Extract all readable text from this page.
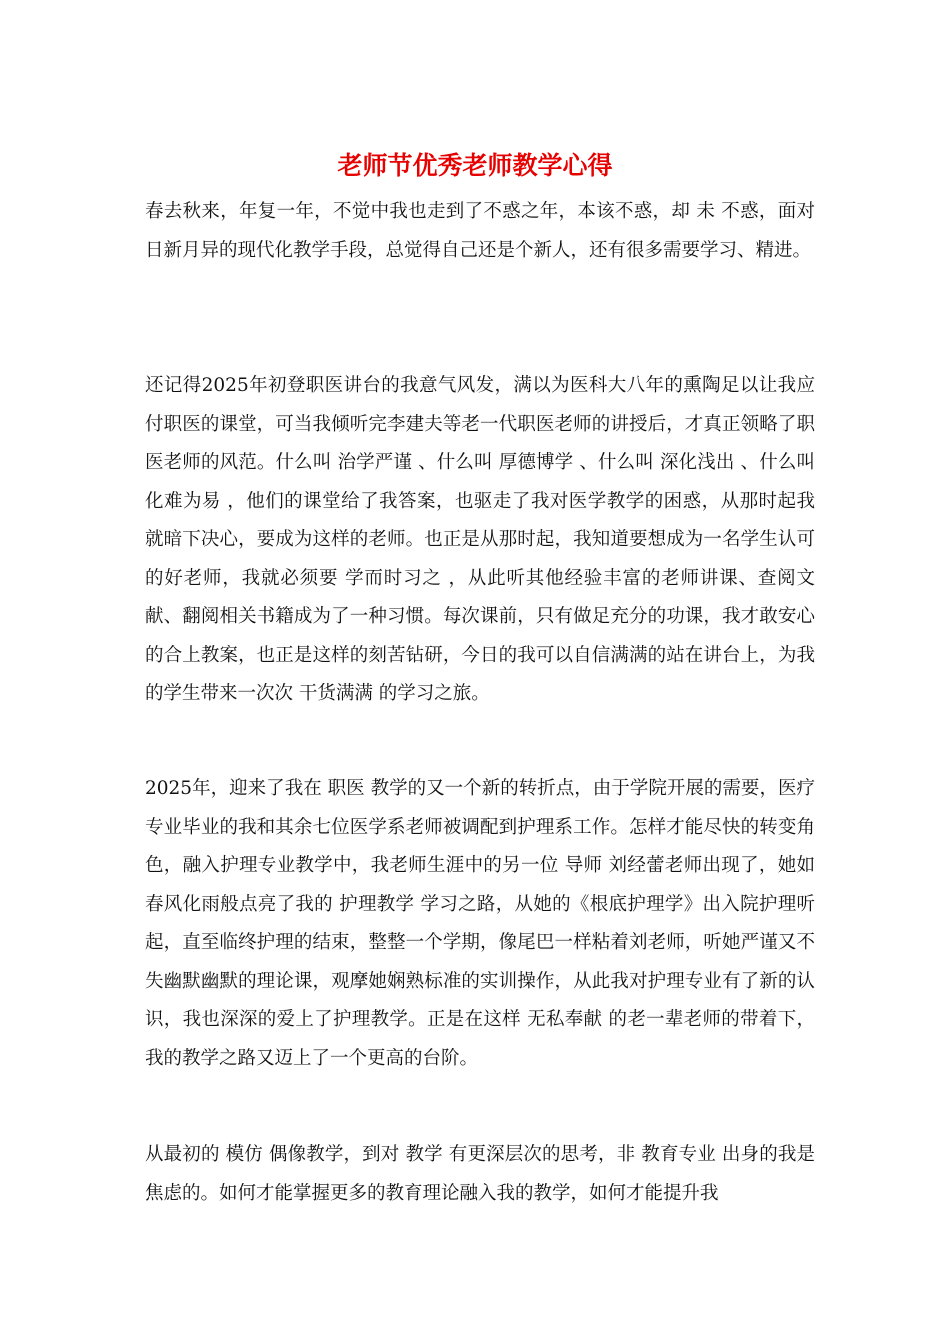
老师节优秀老师教学心得

春去秋来，年复一年，不觉中我也走到了不惑之年，本该不惑，却 未 不惑，面对日新月异的现代化教学手段，总觉得自己还是个新人，还有很多需要学习、精进。

还记得2025年初登职医讲台的我意气风发，满以为医科大八年的熏陶足以让我应付职医的课堂，可当我倾听完李建夫等老一代职医老师的讲授后，才真正领略了职医老师的风范。什么叫 治学严谨 、什么叫 厚德博学 、什么叫 深化浅出 、什么叫 化难为易 ，他们的课堂给了我答案，也驱走了我对医学教学的困惑，从那时起我就暗下决心，要成为这样的老师。也正是从那时起，我知道要想成为一名学生认可的好老师，我就必须要 学而时习之 ，从此听其他经验丰富的老师讲课、查阅文献、翻阅相关书籍成为了一种习惯。每次课前，只有做足充分的功课，我才敢安心的合上教案，也正是这样的刻苦钻研，今日的我可以自信满满的站在讲台上，为我的学生带来一次次 干货满满 的学习之旅。

2025年，迎来了我在 职医 教学的又一个新的转折点，由于学院开展的需要，医疗专业毕业的我和其余七位医学系老师被调配到护理系工作。怎样才能尽快的转变角色，融入护理专业教学中，我老师生涯中的另一位 导师 刘经蕾老师出现了，她如春风化雨般点亮了我的 护理教学 学习之路，从她的《根底护理学》出入院护理听起，直至临终护理的结束，整整一个学期，像尾巴一样粘着刘老师，听她严谨又不失幽默幽默的理论课，观摩她娴熟标准的实训操作，从此我对护理专业有了新的认识，我也深深的爱上了护理教学。正是在这样 无私奉献 的老一辈老师的带着下，我的教学之路又迈上了一个更高的台阶。

从最初的 模仿 偶像教学，到对 教学 有更深层次的思考，非 教育专业 出身的我是焦虑的。如何才能掌握更多的教育理论融入我的教学，如何才能提升我
